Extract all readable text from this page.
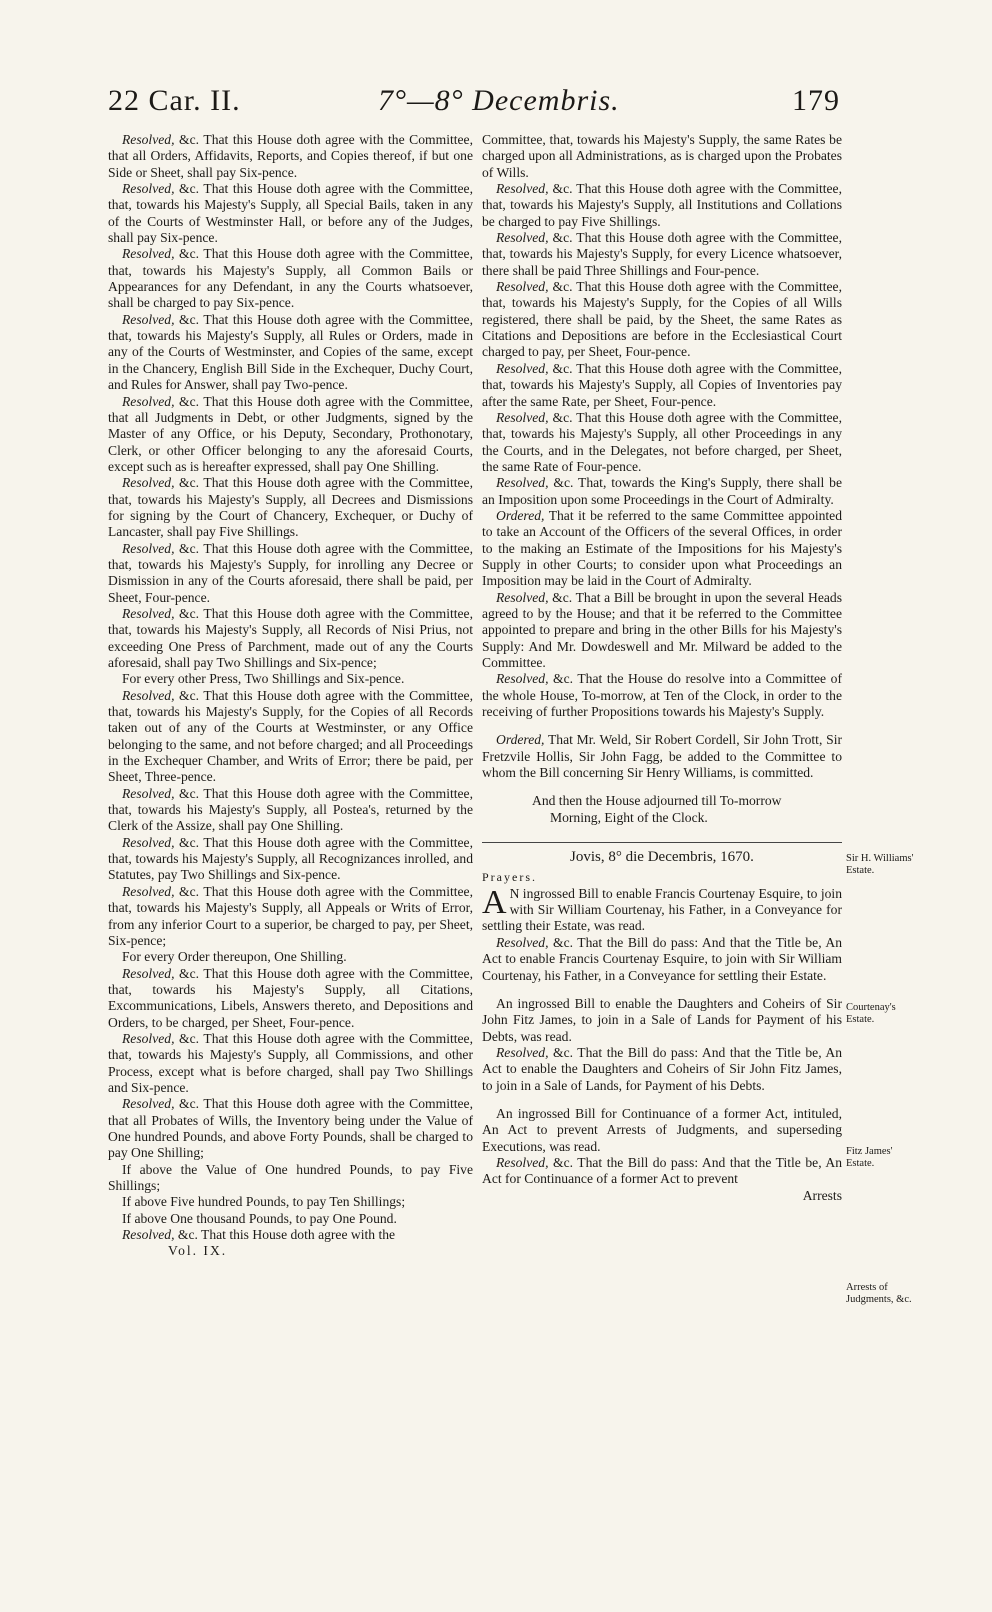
22 Car. II.	7°—8° Decembris.	179

Resolved, &c. That this House doth agree with the Committee, that all Orders, Affidavits, Reports, and Copies thereof, if but one Side or Sheet, shall pay Six-pence.

Resolved, &c. That this House doth agree with the Committee, that, towards his Majesty's Supply, all Special Bails, taken in any of the Courts of Westminster Hall, or before any of the Judges, shall pay Six-pence.

Resolved, &c. That this House doth agree with the Committee, that, towards his Majesty's Supply, all Common Bails or Appearances for any Defendant, in any the Courts whatsoever, shall be charged to pay Six-pence.

Resolved, &c. That this House doth agree with the Committee, that, towards his Majesty's Supply, all Rules or Orders, made in any of the Courts of Westminster, and Copies of the same, except in the Chancery, English Bill Side in the Exchequer, Duchy Court, and Rules for Answer, shall pay Two-pence.

Resolved, &c. That this House doth agree with the Committee, that all Judgments in Debt, or other Judgments, signed by the Master of any Office, or his Deputy, Secondary, Prothonotary, Clerk, or other Officer belonging to any the aforesaid Courts, except such as is hereafter expressed, shall pay One Shilling.

Resolved, &c. That this House doth agree with the Committee, that, towards his Majesty's Supply, all Decrees and Dismissions for signing by the Court of Chancery, Exchequer, or Duchy of Lancaster, shall pay Five Shillings.

Resolved, &c. That this House doth agree with the Committee, that, towards his Majesty's Supply, for inrolling any Decree or Dismission in any of the Courts aforesaid, there shall be paid, per Sheet, Four-pence.

Resolved, &c. That this House doth agree with the Committee, that, towards his Majesty's Supply, all Records of Nisi Prius, not exceeding One Press of Parchment, made out of any the Courts aforesaid, shall pay Two Shillings and Six-pence;

For every other Press, Two Shillings and Six-pence.

Resolved, &c. That this House doth agree with the Committee, that, towards his Majesty's Supply, for the Copies of all Records taken out of any of the Courts at Westminster, or any Office belonging to the same, and not before charged; and all Proceedings in the Exchequer Chamber, and Writs of Error; there be paid, per Sheet, Three-pence.

Resolved, &c. That this House doth agree with the Committee, that, towards his Majesty's Supply, all Postea's, returned by the Clerk of the Assize, shall pay One Shilling.

Resolved, &c. That this House doth agree with the Committee, that, towards his Majesty's Supply, all Recognizances inrolled, and Statutes, pay Two Shillings and Six-pence.

Resolved, &c. That this House doth agree with the Committee, that, towards his Majesty's Supply, all Appeals or Writs of Error, from any inferior Court to a superior, be charged to pay, per Sheet, Six-pence;

For every Order thereupon, One Shilling.

Resolved, &c. That this House doth agree with the Committee, that, towards his Majesty's Supply, all Citations, Excommunications, Libels, Answers thereto, and Depositions and Orders, to be charged, per Sheet, Four-pence.

Resolved, &c. That this House doth agree with the Committee, that, towards his Majesty's Supply, all Commissions, and other Process, except what is before charged, shall pay Two Shillings and Six-pence.

Resolved, &c. That this House doth agree with the Committee, that all Probates of Wills, the Inventory being under the Value of One hundred Pounds, and above Forty Pounds, shall be charged to pay One Shilling;

If above the Value of One hundred Pounds, to pay Five Shillings;

If above Five hundred Pounds, to pay Ten Shillings;

If above One thousand Pounds, to pay One Pound.

Resolved, &c. That this House doth agree with the

Vol. IX.

Committee, that, towards his Majesty's Supply, the same Rates be charged upon all Administrations, as is charged upon the Probates of Wills.

Resolved, &c. That this House doth agree with the Committee, that, towards his Majesty's Supply, all Institutions and Collations be charged to pay Five Shillings.

Resolved, &c. That this House doth agree with the Committee, that, towards his Majesty's Supply, for every Licence whatsoever, there shall be paid Three Shillings and Four-pence.

Resolved, &c. That this House doth agree with the Committee, that, towards his Majesty's Supply, for the Copies of all Wills registered, there shall be paid, by the Sheet, the same Rates as Citations and Depositions are before in the Ecclesiastical Court charged to pay, per Sheet, Four-pence.

Resolved, &c. That this House doth agree with the Committee, that, towards his Majesty's Supply, all Copies of Inventories pay after the same Rate, per Sheet, Four-pence.

Resolved, &c. That this House doth agree with the Committee, that, towards his Majesty's Supply, all other Proceedings in any the Courts, and in the Delegates, not before charged, per Sheet, the same Rate of Four-pence.

Resolved, &c. That, towards the King's Supply, there shall be an Imposition upon some Proceedings in the Court of Admiralty.

Ordered, That it be referred to the same Committee appointed to take an Account of the Officers of the several Offices, in order to the making an Estimate of the Impositions for his Majesty's Supply in other Courts; to consider upon what Proceedings an Imposition may be laid in the Court of Admiralty.

Resolved, &c. That a Bill be brought in upon the several Heads agreed to by the House; and that it be referred to the Committee appointed to prepare and bring in the other Bills for his Majesty's Supply: And Mr. Dowdeswell and Mr. Milward be added to the Committee.

Resolved, &c. That the House do resolve into a Committee of the whole House, To-morrow, at Ten of the Clock, in order to the receiving of further Propositions towards his Majesty's Supply.

Ordered, That Mr. Weld, Sir Robert Cordell, Sir John Trott, Sir Fretzvile Hollis, Sir John Fagg, be added to the Committee to whom the Bill concerning Sir Henry Williams, is committed.

And then the House adjourned till To-morrow

Morning, Eight of the Clock.

Jovis, 8° die Decembris, 1670.

Prayers.

A N ingrossed Bill to enable Francis Courtenay Esquire, to join with Sir William Courtenay, his Father, in a Conveyance for settling their Estate, was read.

Resolved, &c. That the Bill do pass: And that the Title be, An Act to enable Francis Courtenay Esquire, to join with Sir William Courtenay, his Father, in a Conveyance for settling their Estate.

An ingrossed Bill to enable the Daughters and Coheirs of Sir John Fitz James, to join in a Sale of Lands for Payment of his Debts, was read.

Resolved, &c. That the Bill do pass: And that the Title be, An Act to enable the Daughters and Coheirs of Sir John Fitz James, to join in a Sale of Lands, for Payment of his Debts.

An ingrossed Bill for Continuance of a former Act, intituled, An Act to prevent Arrests of Judgments, and superseding Executions, was read.

Resolved, &c. That the Bill do pass: And that the Title be, An Act for Continuance of a former Act to prevent

Arrests

Sir H. Williams' Estate.
Courtenay's Estate.
Fitz James' Estate.
Arrests of Judgments, &c.
